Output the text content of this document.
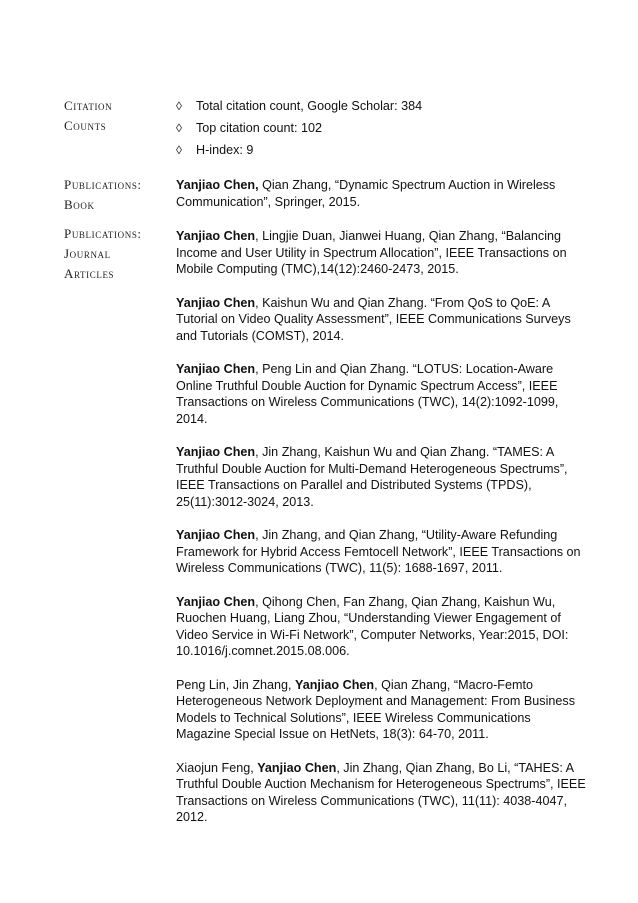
Citation
Counts
◊	Total citation count, Google Scholar: 384
◊	Top citation count: 102
◊	H-index: 9
Publications:
Book

Yanjiao Chen, Qian Zhang, “Dynamic Spectrum Auction in Wireless Communication”, Springer, 2015.

Publications:
Journal
Articles

Yanjiao Chen, Lingjie Duan, Jianwei Huang, Qian Zhang, “Balancing Income and User Utility in Spectrum Allocation”, IEEE Transactions on Mobile Computing (TMC),14(12):2460-2473, 2015.

Yanjiao Chen, Kaishun Wu and Qian Zhang. “From QoS to QoE: A Tutorial on Video Quality Assessment”, IEEE Communications Surveys and Tutorials (COMST), 2014.

Yanjiao Chen, Peng Lin and Qian Zhang. “LOTUS: Location-Aware Online Truthful Double Auction for Dynamic Spectrum Access”, IEEE Transactions on Wireless Communications (TWC), 14(2):1092-1099, 2014.

Yanjiao Chen, Jin Zhang, Kaishun Wu and Qian Zhang. “TAMES: A Truthful Double Auction for Multi-Demand Heterogeneous Spectrums”, IEEE Transactions on Parallel and Distributed Systems (TPDS), 25(11):3012-3024, 2013.

Yanjiao Chen, Jin Zhang, and Qian Zhang, “Utility-Aware Refunding Framework for Hybrid Access Femtocell Network”, IEEE Transactions on Wireless Communications (TWC), 11(5): 1688-1697, 2011.

Yanjiao Chen, Qihong Chen, Fan Zhang, Qian Zhang, Kaishun Wu, Ruochen Huang, Liang Zhou, “Understanding Viewer Engagement of Video Service in Wi-Fi Network”, Computer Networks, Year:2015, DOI: 10.1016/j.comnet.2015.08.006.

Peng Lin, Jin Zhang, Yanjiao Chen, Qian Zhang, “Macro-Femto Heterogeneous Network Deployment and Management: From Business Models to Technical Solutions”, IEEE Wireless Communications Magazine Special Issue on HetNets, 18(3): 64-70, 2011.

Xiaojun Feng, Yanjiao Chen, Jin Zhang, Qian Zhang, Bo Li, “TAHES: A Truthful Double Auction Mechanism for Heterogeneous Spectrums”, IEEE Transactions on Wireless Communications (TWC), 11(11): 4038-4047, 2012.
